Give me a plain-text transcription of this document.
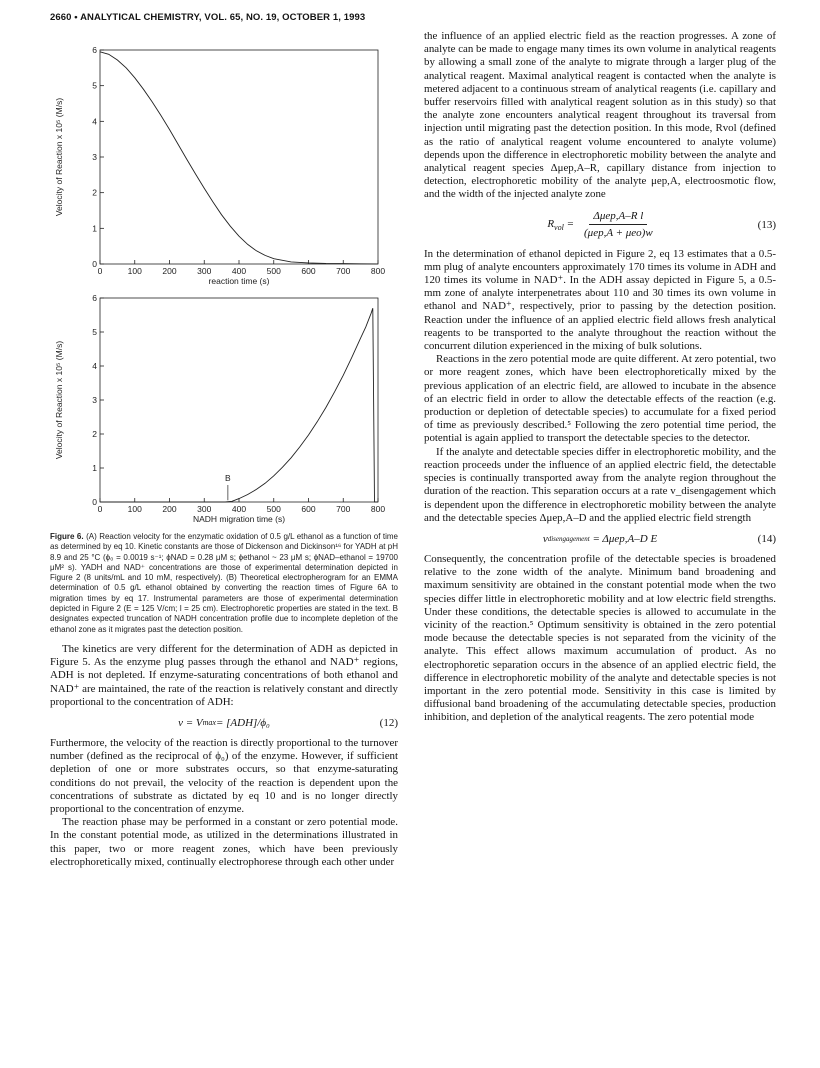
2660 • ANALYTICAL CHEMISTRY, VOL. 65, NO. 19, OCTOBER 1, 1993
0	100 200 300 400 500 600 700 800
0
1
2
3
4
5
6
reaction time (s)
Velocity of Reaction x 10⁵ (M/s)
0	100 200 300 400 500 600 700 800
0
1
2
3
4
5
6
NADH migration time (s)
Velocity of Reaction x 10⁵ (M/s)
B
Figure 6. (A) Reaction velocity for the enzymatic oxidation of 0.5 g/L ethanol as a function of time as determined by eq 10. Kinetic constants are those of Dickenson and Dickinson¹⁶ for YADH at pH 8.9 and 25 °C (ϕ₀ = 0.0019 s⁻¹; ϕNAD = 0.28 μM s; ϕethanol ~ 23 μM s; ϕNAD–ethanol = 19700 μM² s). YADH and NAD⁺ concentrations are those of experimental determination depicted in Figure 2 (8 units/mL and 10 mM, respectively). (B) Theoretical electropherogram for an EMMA determination of 0.5 g/L ethanol obtained by converting the reaction times of Figure 6A to migration times by eq 17. Instrumental parameters are those of experimental determination depicted in Figure 2 (E = 125 V/cm; l = 25 cm). Electrophoretic properties are stated in the text. B designates expected truncation of NADH concentration profile due to incomplete depletion of the ethanol zone as it migrates past the detection position.

The kinetics are very different for the determination of ADH as depicted in Figure 5. As the enzyme plug passes through the ethanol and NAD⁺ regions, ADH is not depleted. If enzyme-saturating concentrations of both ethanol and NAD⁺ are maintained, the rate of the reaction is relatively constant and directly proportional to the concentration of ADH:

v = V max = [ADH]/ϕ₀	(12)

Furthermore, the velocity of the reaction is directly proportional to the turnover number (defined as the reciprocal of ϕ₀) of the enzyme. However, if sufficient depletion of one or more substrates occurs, so that enzyme-saturating conditions do not prevail, the velocity of the reaction is dependent upon the concentrations of substrate as dictated by eq 10 and is no longer directly proportional to the concentration of enzyme.

The reaction phase may be performed in a constant or zero potential mode. In the constant potential mode, as utilized in the determinations illustrated in this paper, two or more reagent zones, which have been previously electrophoretically mixed, continually electrophorese through each other under

the influence of an applied electric field as the reaction progresses. A zone of analyte can be made to engage many times its own volume in analytical reagents by allowing a small zone of the analyte to migrate through a larger plug of the analytical reagent. Maximal analytical reagent is contacted when the analyte is metered adjacent to a continuous stream of analytical reagents (i.e. capillary and buffer reservoirs filled with analytical reagent solution as in this study) so that the analyte zone encounters analytical reagent throughout its traversal from injection until migrating past the detection position. In this mode, Rvol (defined as the ratio of analytical reagent volume encountered to analyte volume) depends upon the difference in electrophoretic mobility between the analyte and analytical reagent species Δμep,A–R, capillary distance from injection to detection, electrophoretic mobility of the analyte μep,A, electroosmotic flow, and the width of the injected analyte zone

$R_{vol}$ =
Δμep,A–R l
(μep,A + μeo)w
(13)

In the determination of ethanol depicted in Figure 2, eq 13 estimates that a 0.5-mm plug of analyte encounters approximately 170 times its volume in ADH and 120 times its volume in NAD⁺. In the ADH assay depicted in Figure 5, a 0.5-mm zone of analyte interpenetrates about 110 and 30 times its own volume in ethanol and NAD⁺, respectively, prior to passing by the detection position. Reaction under the influence of an applied electric field allows fresh analytical reagents to be transported to the analyte throughout the reaction without the concurrent dilution experienced in the mixing of bulk solutions.

Reactions in the zero potential mode are quite different. At zero potential, two or more reagent zones, which have been electrophoretically mixed by the previous application of an electric field, are allowed to incubate in the absence of an electric field in order to allow the detectable effects of the reaction (e.g. production or depletion of detectable species) to accumulate for a fixed period of time as previously described.⁵ Following the zero potential time period, the potential is again applied to transport the detectable species to the detector.

If the analyte and detectable species differ in electrophoretic mobility, and the reaction proceeds under the influence of an applied electric field, the detectable species is continually transported away from the analyte region throughout the duration of the reaction. This separation occurs at a rate v_disengagement which is dependent upon the difference in electrophoretic mobility between the analyte and the detectable species Δμep,A–D and the applied electric field strength

v disengagement
= Δμep,A–D E	(14)

Consequently, the concentration profile of the detectable species is broadened relative to the zone width of the analyte. Minimum band broadening and maximum sensitivity are obtained in the constant potential mode when the two species differ little in electrophoretic mobility and at low electric field strengths. Under these conditions, the detectable species is allowed to accumulate in the vicinity of the reaction.⁵ Optimum sensitivity is obtained in the zero potential mode because the detectable species is not separated from the vicinity of the analyte. This effect allows maximum accumulation of product. As no electrophoretic separation occurs in the absence of an applied electric field, the difference in electrophoretic mobility of the analyte and detectable species is not important in the zero potential mode. Sensitivity in this case is limited by diffusional band broadening of the accumulating detectable species, production inhibition, and depletion of the analytical reagents. The zero potential mode
